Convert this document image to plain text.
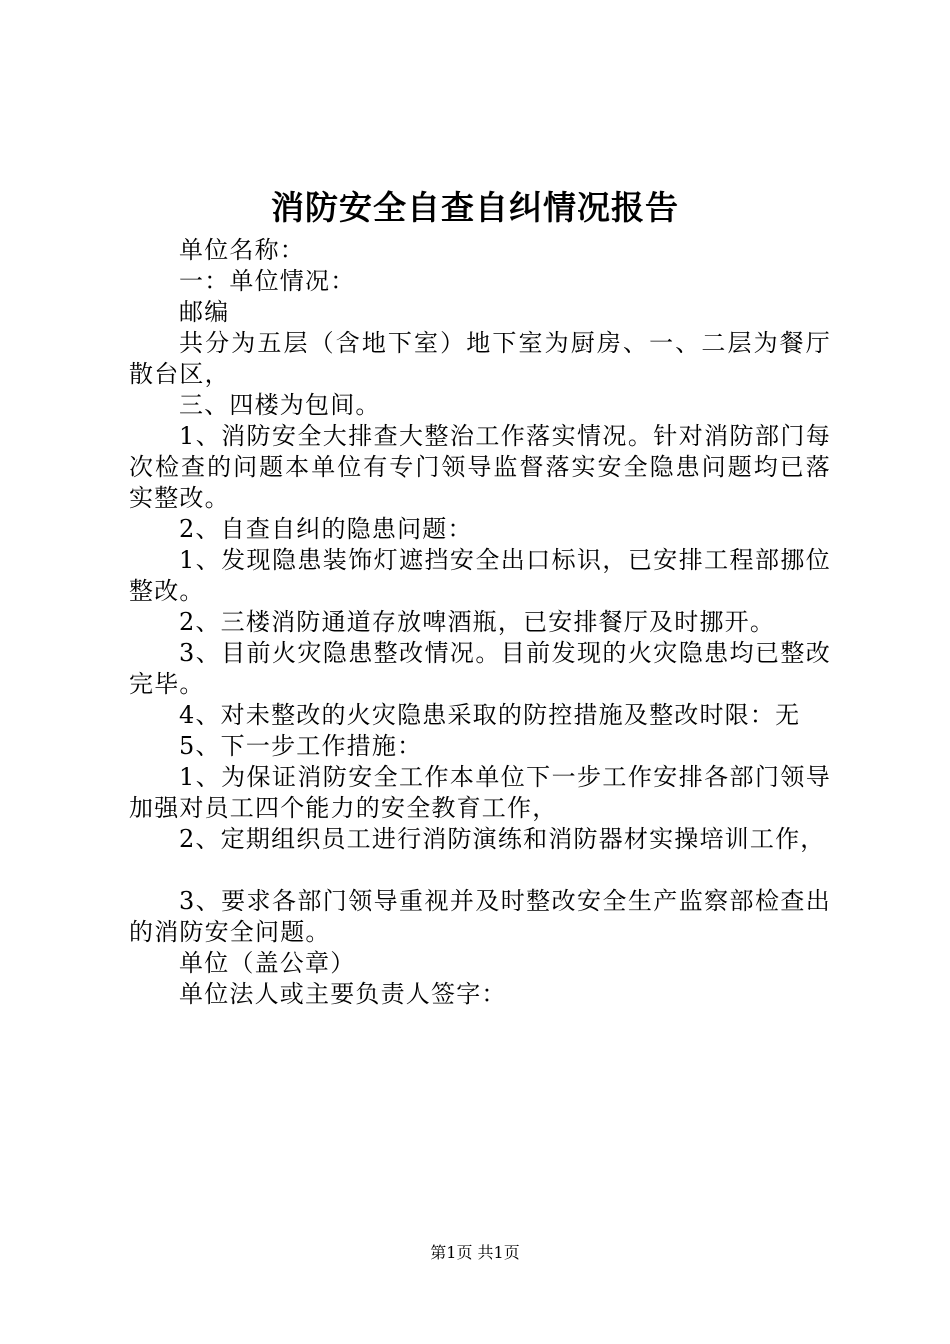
消防安全自查自纠情况报告

单位名称：

一：单位情况：

邮编

共分为五层（含地下室）地下室为厨房、一、二层为餐厅散台区，

三、四楼为包间。

1、消防安全大排查大整治工作落实情况。针对消防部门每次检查的问题本单位有专门领导监督落实安全隐患问题均已落实整改。

2、自查自纠的隐患问题：

1、发现隐患装饰灯遮挡安全出口标识，已安排工程部挪位整改。

2、三楼消防通道存放啤酒瓶，已安排餐厅及时挪开。

3、目前火灾隐患整改情况。目前发现的火灾隐患均已整改完毕。

4、对未整改的火灾隐患采取的防控措施及整改时限：无

5、下一步工作措施：

1、为保证消防安全工作本单位下一步工作安排各部门领导加强对员工四个能力的安全教育工作，

2、定期组织员工进行消防演练和消防器材实操培训工作，

3、要求各部门领导重视并及时整改安全生产监察部检查出的消防安全问题。

单位（盖公章）

单位法人或主要负责人签字：

第1页 共1页
